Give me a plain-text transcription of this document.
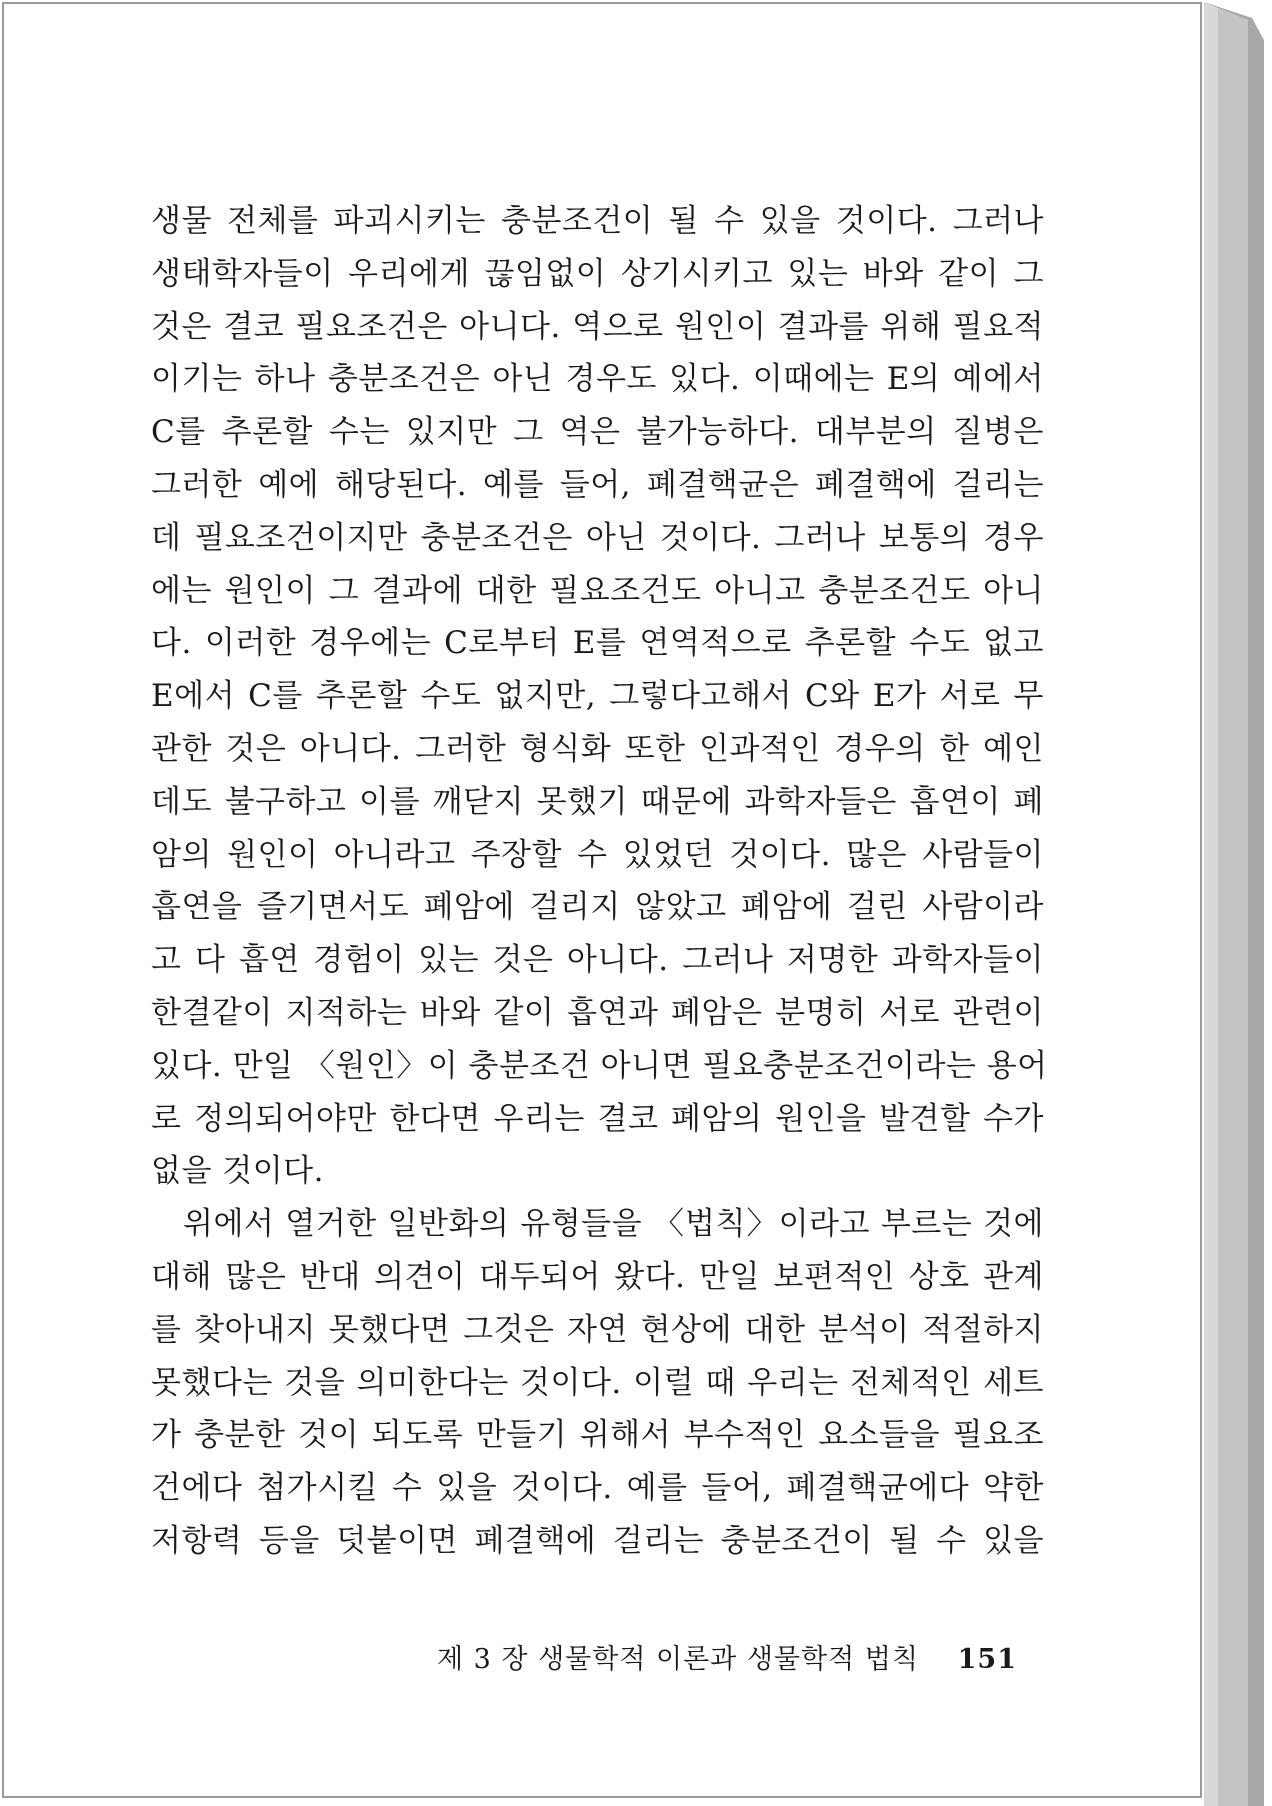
생물 전체를 파괴시키는 충분조건이 될 수 있을 것이다. 그러나
생태학자들이 우리에게 끊임없이 상기시키고 있는 바와 같이 그
것은 결코 필요조건은 아니다. 역으로 원인이 결과를 위해 필요적
이기는 하나 충분조건은 아닌 경우도 있다. 이때에는 E의 예에서
C를 추론할 수는 있지만 그 역은 불가능하다. 대부분의 질병은
그러한 예에 해당된다. 예를 들어, 폐결핵균은 폐결핵에 걸리는
데 필요조건이지만 충분조건은 아닌 것이다. 그러나 보통의 경우
에는 원인이 그 결과에 대한 필요조건도 아니고 충분조건도 아니
다. 이러한 경우에는 C로부터 E를 연역적으로 추론할 수도 없고
E에서 C를 추론할 수도 없지만, 그렇다고해서 C와 E가 서로 무
관한 것은 아니다. 그러한 형식화 또한 인과적인 경우의 한 예인
데도 불구하고 이를 깨닫지 못했기 때문에 과학자들은 흡연이 폐
암의 원인이 아니라고 주장할 수 있었던 것이다. 많은 사람들이
흡연을 즐기면서도 폐암에 걸리지 않았고 폐암에 걸린 사람이라
고 다 흡연 경험이 있는 것은 아니다. 그러나 저명한 과학자들이
한결같이 지적하는 바와 같이 흡연과 폐암은 분명히 서로 관련이
있다. 만일 〈원인〉이 충분조건 아니면 필요충분조건이라는 용어
로 정의되어야만 한다면 우리는 결코 폐암의 원인을 발견할 수가
없을 것이다.
위에서 열거한 일반화의 유형들을 〈법칙〉이라고 부르는 것에
대해 많은 반대 의견이 대두되어 왔다. 만일 보편적인 상호 관계
를 찾아내지 못했다면 그것은 자연 현상에 대한 분석이 적절하지
못했다는 것을 의미한다는 것이다. 이럴 때 우리는 전체적인 세트
가 충분한 것이 되도록 만들기 위해서 부수적인 요소들을 필요조
건에다 첨가시킬 수 있을 것이다. 예를 들어, 폐결핵균에다 약한
저항력 등을 덧붙이면 폐결핵에 걸리는 충분조건이 될 수 있을
제 3 장 생물학적 이론과 생물학적 법칙 151
